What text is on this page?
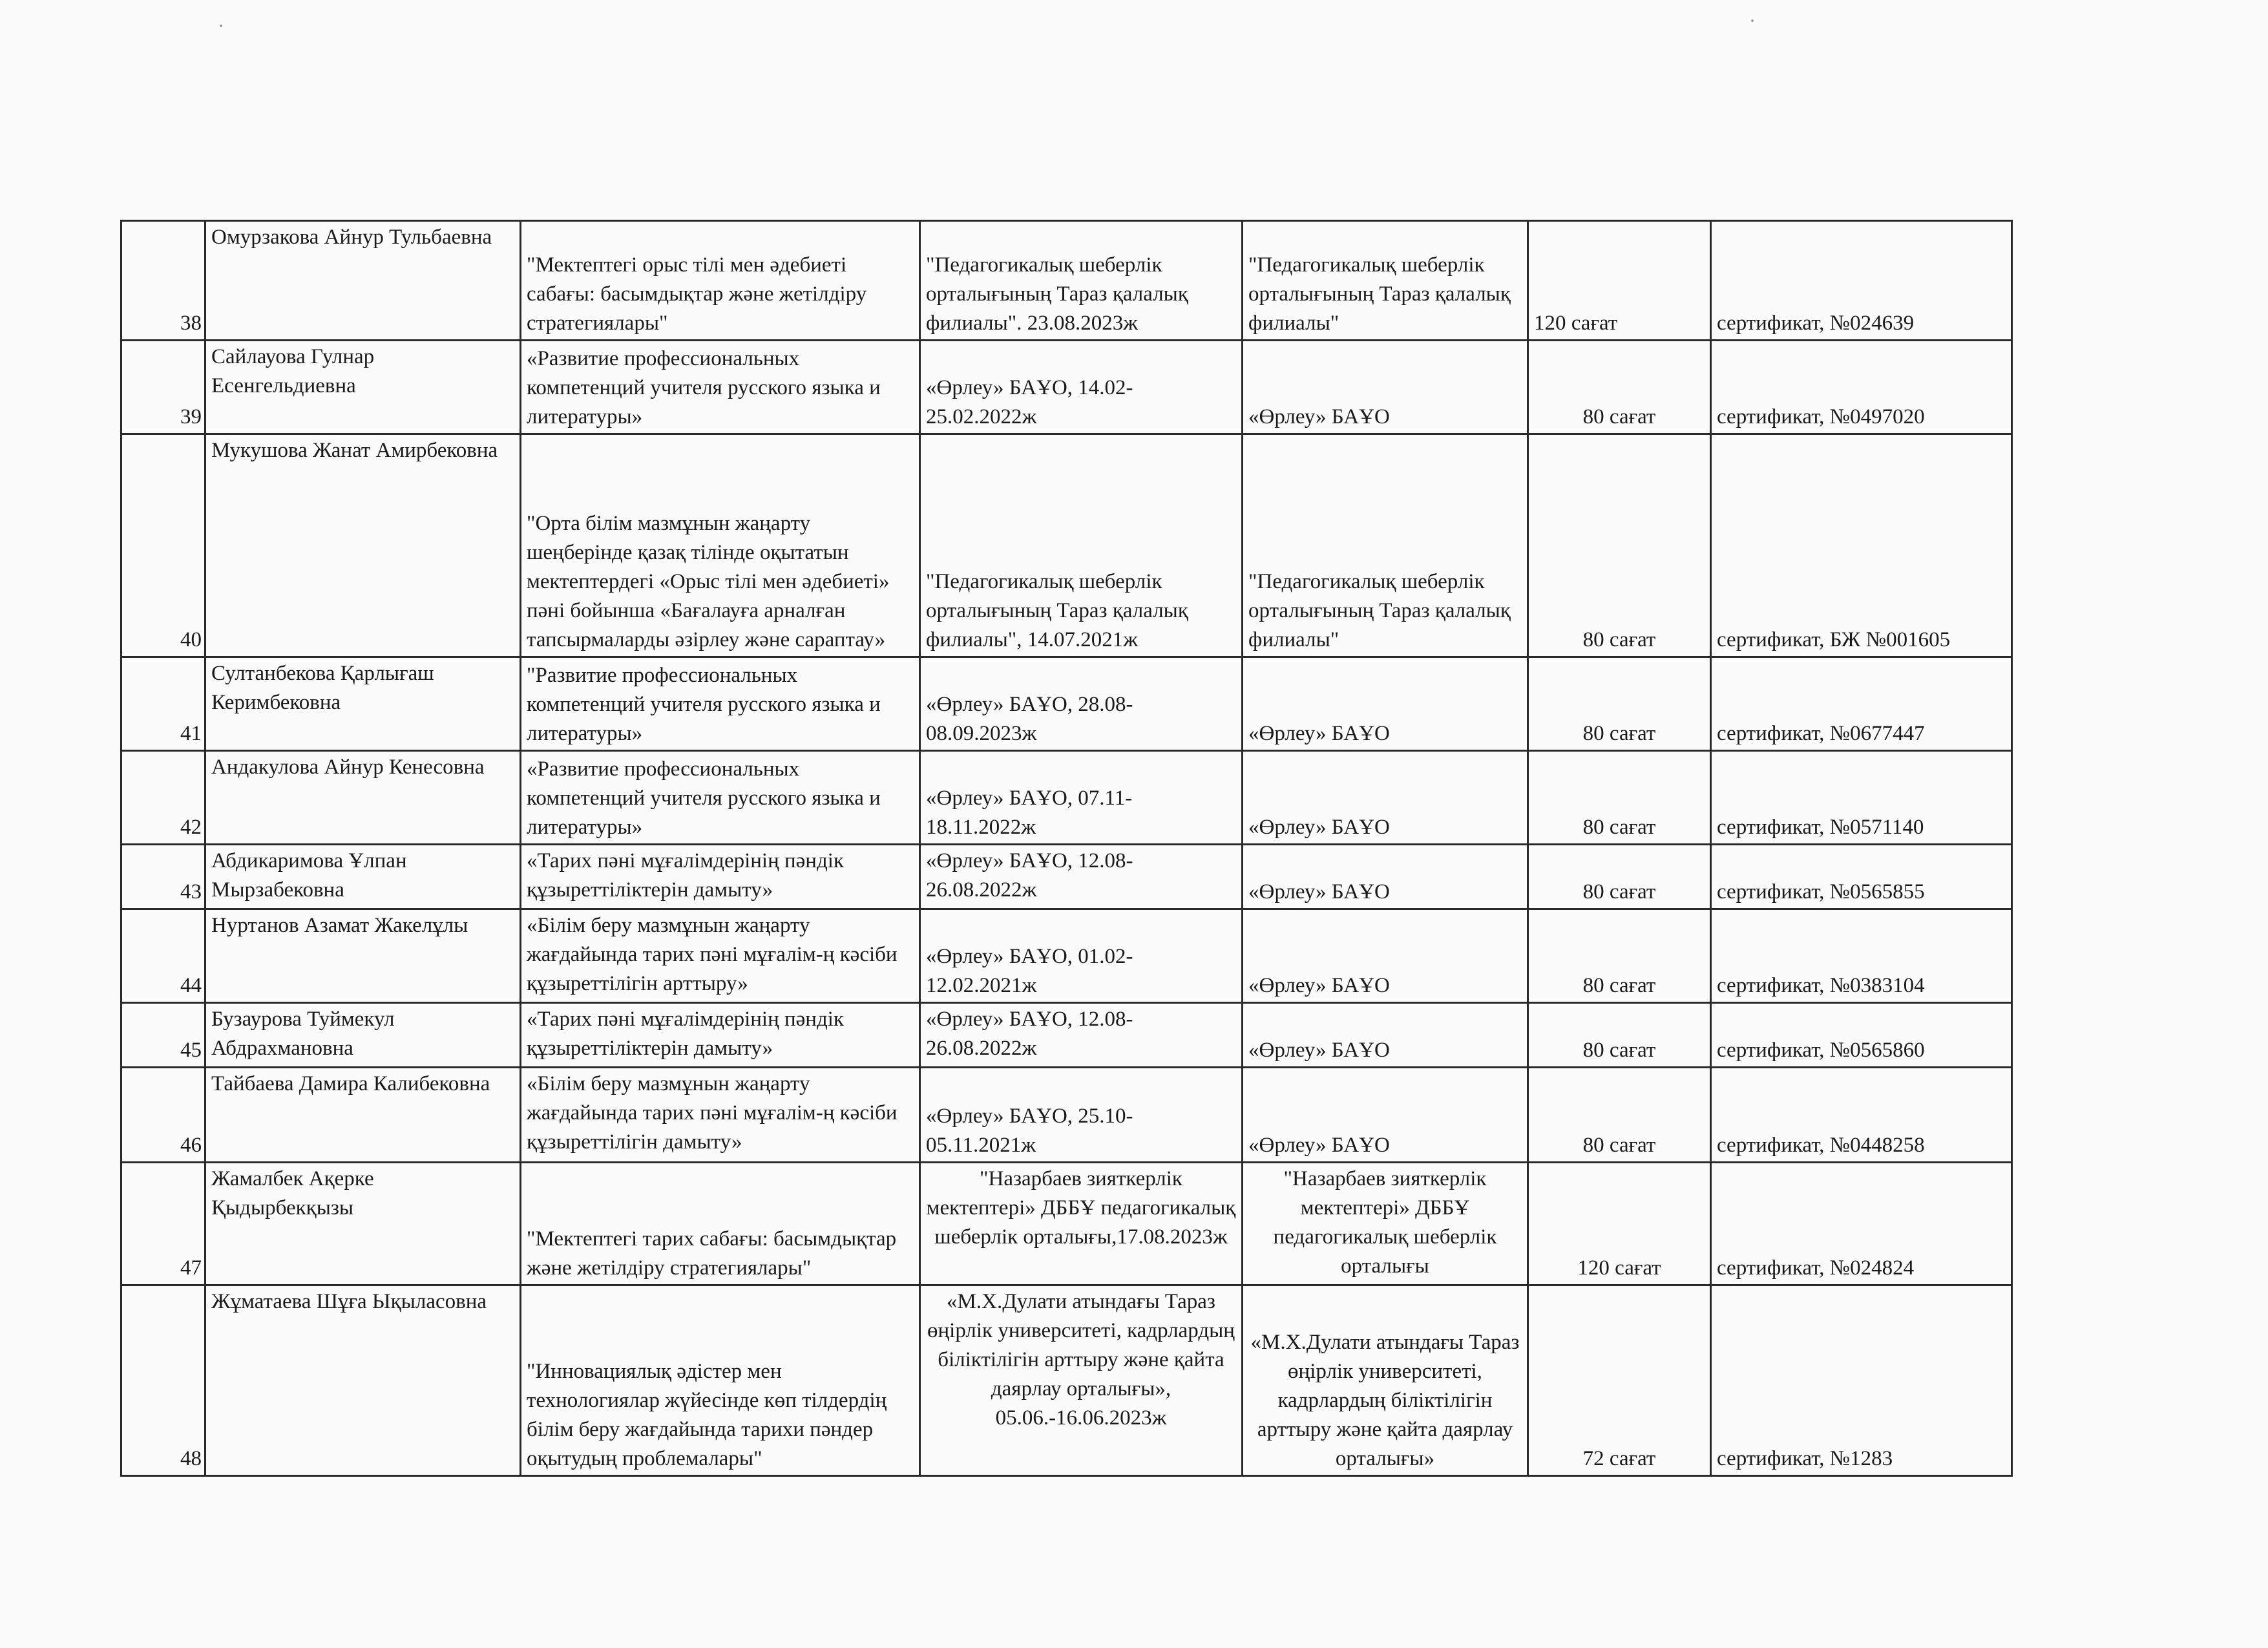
38	Омурзакова Айнур Тульбаевна	"Мектептегі орыс тілі мен әдебиеті сабағы: басымдықтар және жетілдіру стратегиялары"	"Педагогикалық шеберлік орталығының Тараз қалалық филиалы". 23.08.2023ж	"Педагогикалық шеберлік орталығының Тараз қалалық филиалы"	120 сағат	сертификат, №024639
39	Сайлауова Гулнар Есенгельдиевна	«Развитие профессиональных компетенций учителя русского языка и литературы»	«Өрлеу» БАҰО, 14.02-25.02.2022ж	«Өрлеу» БАҰО	80 сағат	сертификат, №0497020
40	Мукушова Жанат Амирбековна	"Орта білім мазмұнын жаңарту шеңберінде қазақ тілінде оқытатын мектептердегі «Орыс тілі мен әдебиеті» пәні бойынша «Бағалауға арналған тапсырмаларды әзірлеу және сараптау»	"Педагогикалық шеберлік орталығының Тараз қалалық филиалы", 14.07.2021ж	"Педагогикалық шеберлік орталығының Тараз қалалық филиалы"	80 сағат	сертификат, БЖ №001605
41	Султанбекова Қарлығаш Керимбековна	"Развитие профессиональных компетенций учителя русского языка и литературы»	«Өрлеу» БАҰО, 28.08-08.09.2023ж	«Өрлеу» БАҰО	80 сағат	сертификат, №0677447
42	Андакулова Айнур Кенесовна	«Развитие профессиональных компетенций учителя русского языка и литературы»	«Өрлеу» БАҰО, 07.11-18.11.2022ж	«Өрлеу» БАҰО	80 сағат	сертификат, №0571140
43	Абдикаримова Ұлпан Мырзабековна	«Тарих пәні мұғалімдерінің пәндік құзыреттіліктерін дамыту»	«Өрлеу» БАҰО, 12.08-26.08.2022ж	«Өрлеу» БАҰО	80 сағат	сертификат, №0565855
44	Нуртанов Азамат Жакелұлы	«Білім беру мазмұнын жаңарту жағдайында тарих пәні мұғалім-ң кәсіби құзыреттілігін арттыру»	«Өрлеу» БАҰО, 01.02-12.02.2021ж	«Өрлеу» БАҰО	80 сағат	сертификат, №0383104
45	Бузаурова Туймекул Абдрахмановна	«Тарих пәні мұғалімдерінің пәндік құзыреттіліктерін дамыту»	«Өрлеу» БАҰО, 12.08-26.08.2022ж	«Өрлеу» БАҰО	80 сағат	сертификат, №0565860
46	Тайбаева Дамира Калибековна	«Білім беру мазмұнын жаңарту жағдайында тарих пәні мұғалім-ң кәсіби құзыреттілігін дамыту»	«Өрлеу» БАҰО, 25.10-05.11.2021ж	«Өрлеу» БАҰО	80 сағат	сертификат, №0448258
47	Жамалбек Ақерке Қыдырбекқызы	"Мектептегі тарих сабағы: басымдықтар және жетілдіру стратегиялары"	"Назарбаев зияткерлік мектептері» ДББҰ педагогикалық шеберлік орталығы,17.08.2023ж	"Назарбаев зияткерлік мектептері» ДББҰ педагогикалық шеберлік орталығы	120 сағат	сертификат, №024824
48	Жұматаева Шұға Ықыласовна	"Инновациялық әдістер мен технологиялар жүйесінде көп тілдердің білім беру жағдайында тарихи пәндер оқытудың проблемалары"	«М.Х.Дулати атындағы Тараз өңірлік университеті, кадрлардың біліктілігін арттыру және қайта даярлау орталығы», 05.06.-16.06.2023ж	«М.Х.Дулати атындағы Тараз өңірлік университеті, кадрлардың біліктілігін арттыру және қайта даярлау орталығы»	72 сағат	сертификат, №1283
